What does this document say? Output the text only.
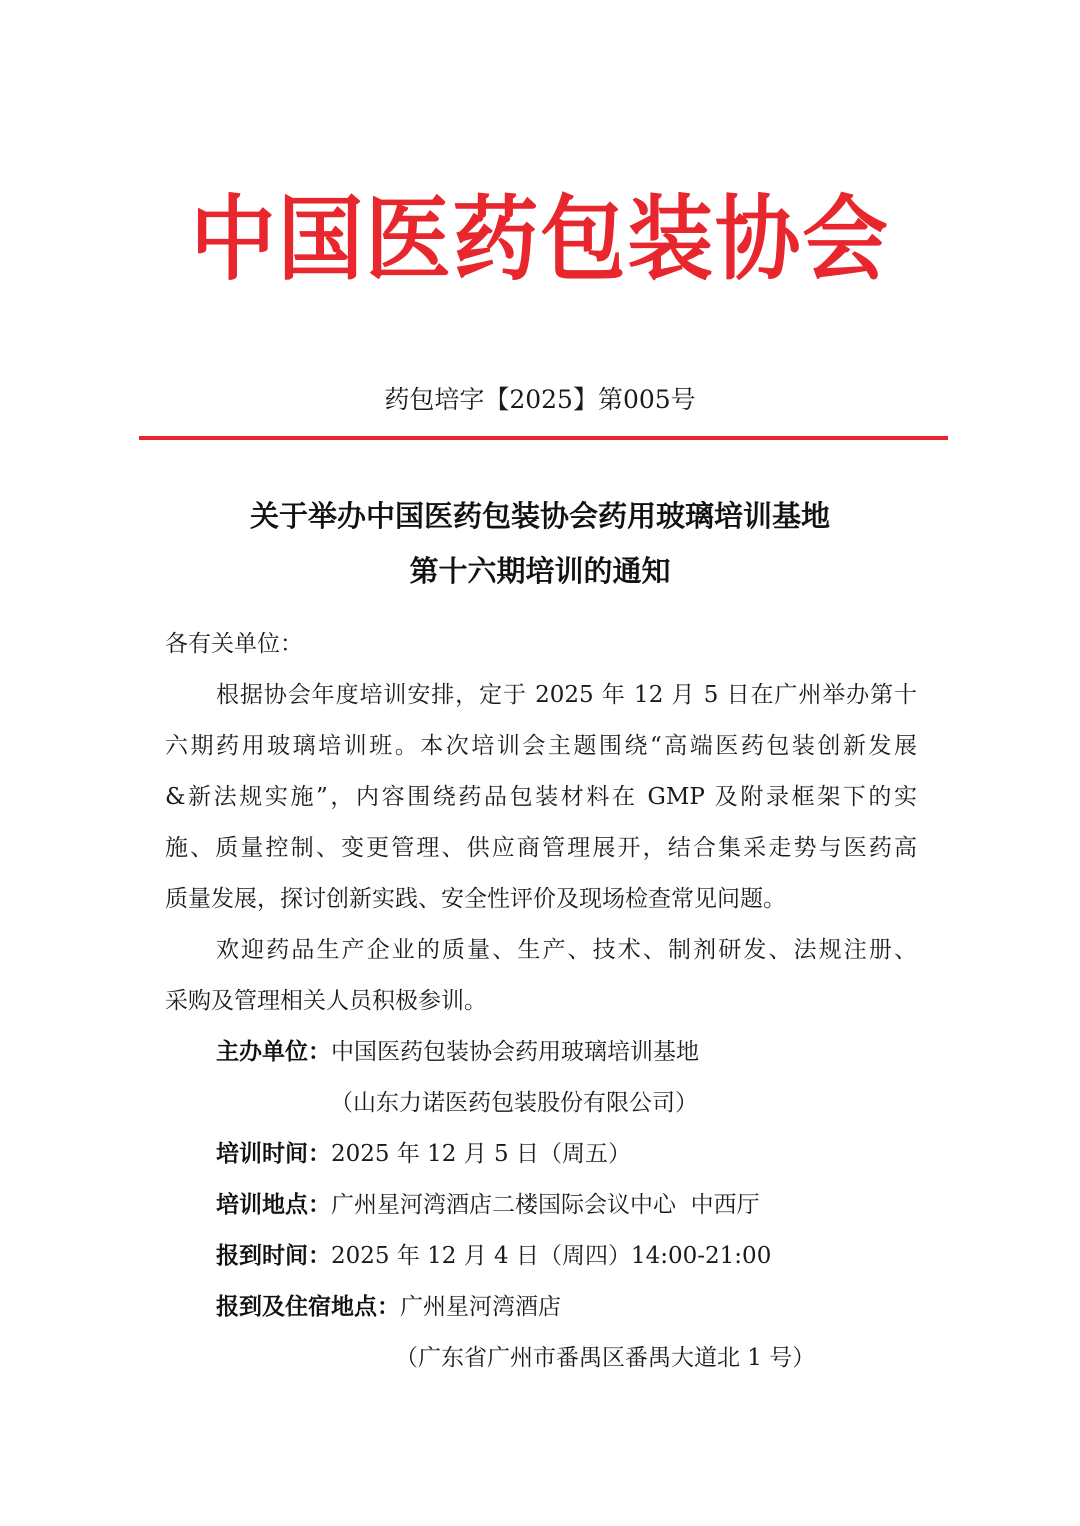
中国医药包装协会
药包培字【2025】第005号
关于举办中国医药包装协会药用玻璃培训基地
第十六期培训的通知
各有关单位：
根据协会年度培训安排，定于 2025 年 12 月 5 日在广州举办第十
六期药用玻璃培训班。本次培训会主题围绕“高端医药包装创新发展
&新法规实施”，内容围绕药品包装材料在 GMP 及附录框架下的实
施、质量控制、变更管理、供应商管理展开，结合集采走势与医药高
质量发展，探讨创新实践、安全性评价及现场检查常见问题。
欢迎药品生产企业的质量、生产、技术、制剂研发、法规注册、
采购及管理相关人员积极参训。
主办单位：中国医药包装协会药用玻璃培训基地
（山东力诺医药包装股份有限公司）
培训时间：2025 年 12 月 5 日（周五）
培训地点：广州星河湾酒店二楼国际会议中心  中西厅
报到时间：2025 年 12 月 4 日（周四）14:00-21:00
报到及住宿地点：广州星河湾酒店
（广东省广州市番禺区番禺大道北 1 号）
